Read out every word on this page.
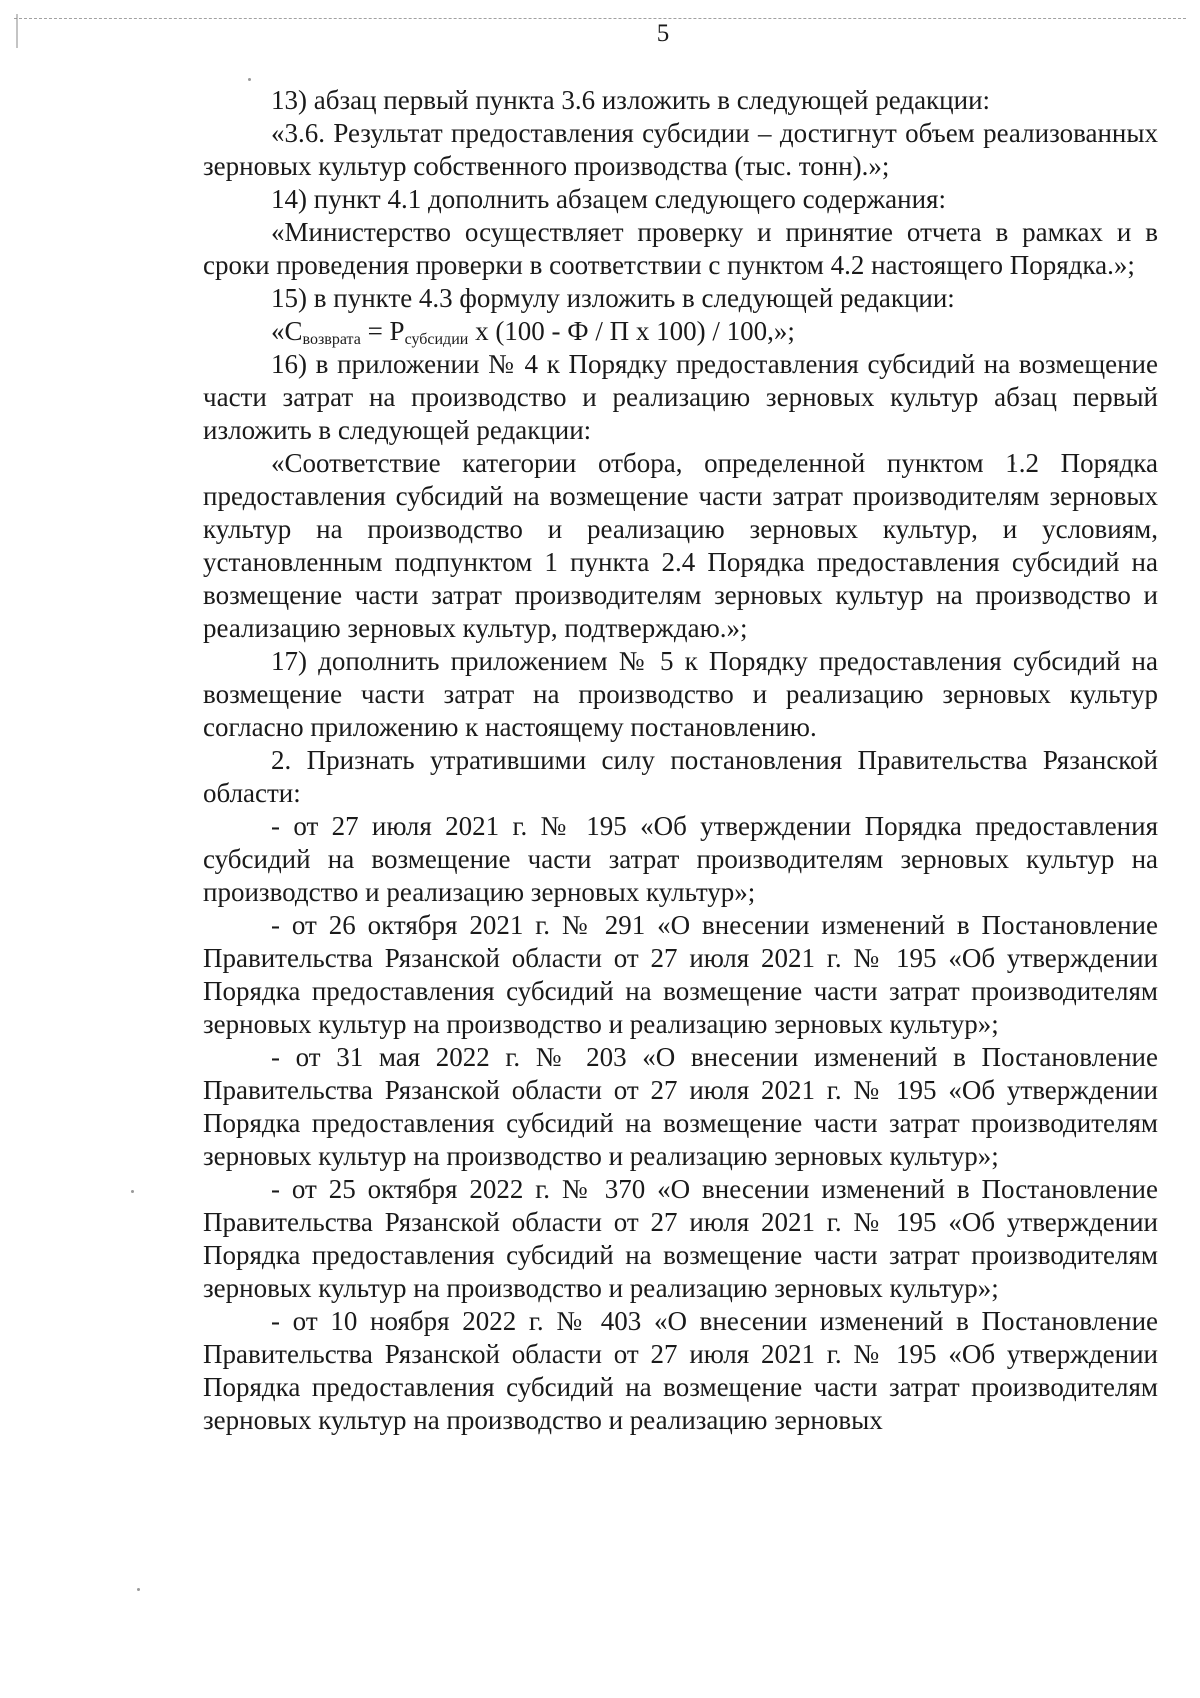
5

13) абзац первый пункта 3.6 изложить в следующей редакции:

«3.6. Результат предоставления субсидии – достигнут объем реализованных зерновых культур собственного производства (тыс. тонн).»;

14) пункт 4.1 дополнить абзацем следующего содержания:

«Министерство осуществляет проверку и принятие отчета в рамках и в сроки проведения проверки в соответствии с пунктом 4.2 настоящего Порядка.»;

15) в пункте 4.3 формулу изложить в следующей редакции:

«$С_{возврата} = Р_{субсидии}$ х (100 - Ф / П х 100) / 100,»;

16) в приложении № 4 к Порядку предоставления субсидий на возмещение части затрат на производство и реализацию зерновых культур абзац первый изложить в следующей редакции:

«Соответствие категории отбора, определенной пунктом 1.2 Порядка предоставления субсидий на возмещение части затрат производителям зерновых культур на производство и реализацию зерновых культур, и условиям, установленным подпунктом 1 пункта 2.4 Порядка предоставления субсидий на возмещение части затрат производителям зерновых культур на производство и реализацию зерновых культур, подтверждаю.»;

17) дополнить приложением № 5 к Порядку предоставления субсидий на возмещение части затрат на производство и реализацию зерновых культур согласно приложению к настоящему постановлению.

2. Признать утратившими силу постановления Правительства Рязанской области:

- от 27 июля 2021 г. № 195 «Об утверждении Порядка предоставления субсидий на возмещение части затрат производителям зерновых культур на производство и реализацию зерновых культур»;

- от 26 октября 2021 г. № 291 «О внесении изменений в Постановление Правительства Рязанской области от 27 июля 2021 г. № 195 «Об утверждении Порядка предоставления субсидий на возмещение части затрат производителям зерновых культур на производство и реализацию зерновых культур»;

- от 31 мая 2022 г. № 203 «О внесении изменений в Постановление Правительства Рязанской области от 27 июля 2021 г. № 195 «Об утверждении Порядка предоставления субсидий на возмещение части затрат производителям зерновых культур на производство и реализацию зерновых культур»;

- от 25 октября 2022 г. № 370 «О внесении изменений в Постановление Правительства Рязанской области от 27 июля 2021 г. № 195 «Об утверждении Порядка предоставления субсидий на возмещение части затрат производителям зерновых культур на производство и реализацию зерновых культур»;

- от 10 ноября 2022 г. № 403 «О внесении изменений в Постановление Правительства Рязанской области от 27 июля 2021 г. № 195 «Об утверждении Порядка предоставления субсидий на возмещение части затрат производителям зерновых культур на производство и реализацию зерновых
